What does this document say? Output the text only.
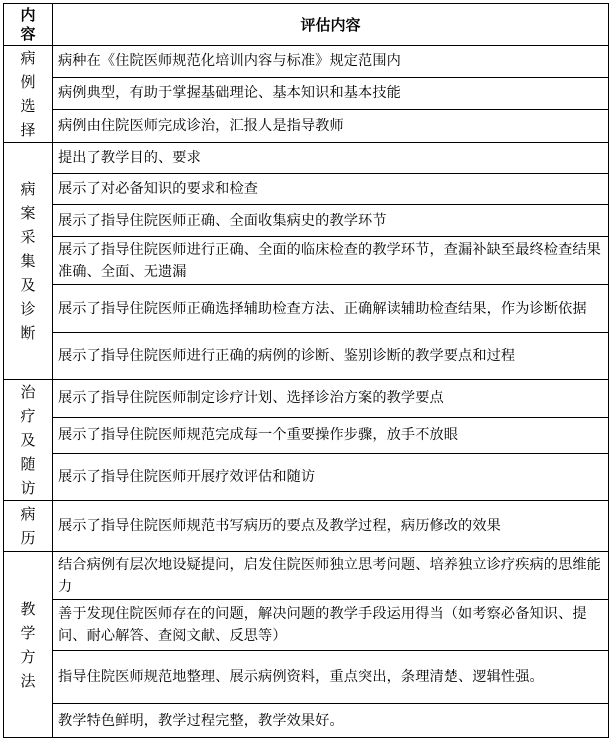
内容	评估内容
病例选择	病种在《住院医师规范化培训内容与标准》规定范围内
	病例典型，有助于掌握基础理论、基本知识和基本技能
	病例由住院医师完成诊治，汇报人是指导教师
病案采集及诊断	提出了教学目的、要求
	展示了对必备知识的要求和检查
	展示了指导住院医师正确、全面收集病史的教学环节
	展示了指导住院医师进行正确、全面的临床检查的教学环节，查漏补缺至最终检查结果准确、全面、无遗漏
	展示了指导住院医师正确选择辅助检查方法、正确解读辅助检查结果，作为诊断依据
	展示了指导住院医师进行正确的病例的诊断、鉴别诊断的教学要点和过程
治疗及随访	展示了指导住院医师制定诊疗计划、选择诊治方案的教学要点
	展示了指导住院医师规范完成每一个重要操作步骤，放手不放眼
	展示了指导住院医师开展疗效评估和随访
病历	展示了指导住院医师规范书写病历的要点及教学过程，病历修改的效果
教学方法	结合病例有层次地设疑提问，启发住院医师独立思考问题、培养独立诊疗疾病的思维能力
	善于发现住院医师存在的问题，解决问题的教学手段运用得当（如考察必备知识、提问、耐心解答、查阅文献、反思等）
	指导住院医师规范地整理、展示病例资料，重点突出，条理清楚、逻辑性强。
	教学特色鲜明，教学过程完整，教学效果好。
